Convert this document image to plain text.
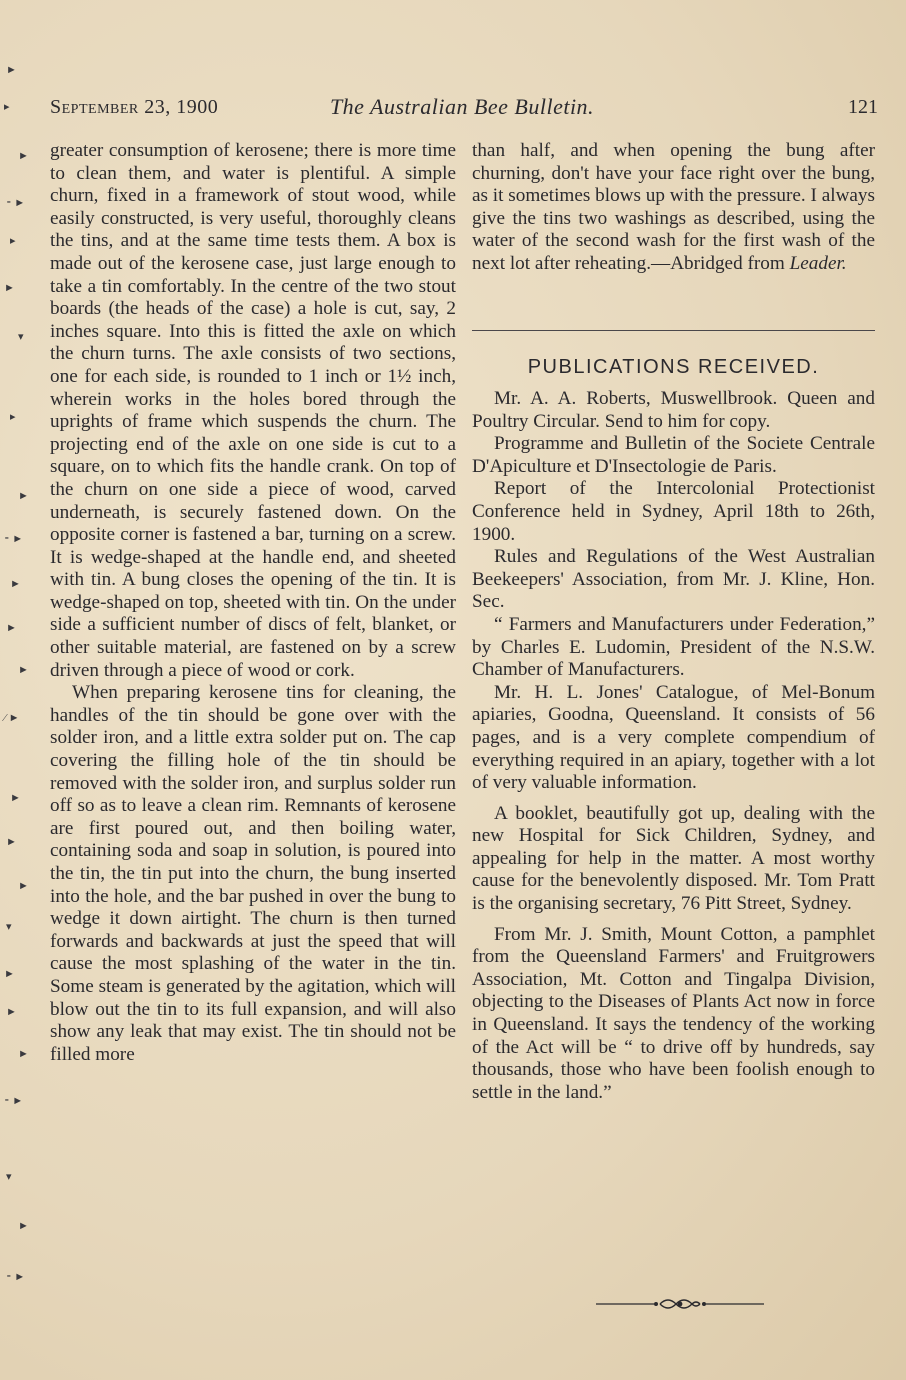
►
▸
►
⁃ ►
▸
►
▾
▸
►
⁃ ►
►
►
►
⁄ ►
►
►
►
▾
►
►
►
⁃ ►
▾
►
⁃ ►
September 23, 1900	The Australian Bee Bulletin.	121

greater consumption of kerosene; there is more time to clean them, and water is plentiful. A simple churn, fixed in a framework of stout wood, while easily constructed, is very useful, thoroughly cleans the tins, and at the same time tests them. A box is made out of the kerosene case, just large enough to take a tin comfortably. In the centre of the two stout boards (the heads of the case) a hole is cut, say, 2 inches square. Into this is fitted the axle on which the churn turns. The axle consists of two sections, one for each side, is rounded to 1 inch or 1½ inch, wherein works in the holes bored through the uprights of frame which suspends the churn. The projecting end of the axle on one side is cut to a square, on to which fits the handle crank. On top of the churn on one side a piece of wood, carved underneath, is securely fastened down. On the opposite corner is fastened a bar, turning on a screw. It is wedge-shaped at the handle end, and sheeted with tin. A bung closes the opening of the tin. It is wedge-shaped on top, sheeted with tin. On the under side a sufficient number of discs of felt, blanket, or other suitable material, are fastened on by a screw driven through a piece of wood or cork.

When preparing kerosene tins for cleaning, the handles of the tin should be gone over with the solder iron, and a little extra solder put on. The cap covering the filling hole of the tin should be removed with the solder iron, and surplus solder run off so as to leave a clean rim. Remnants of kerosene are first poured out, and then boiling water, containing soda and soap in solution, is poured into the tin, the tin put into the churn, the bung inserted into the hole, and the bar pushed in over the bung to wedge it down airtight. The churn is then turned forwards and backwards at just the speed that will cause the most splashing of the water in the tin. Some steam is generated by the agitation, which will blow out the tin to its full expansion, and will also show any leak that may exist. The tin should not be filled more

than half, and when opening the bung after churning, don't have your face right over the bung, as it sometimes blows up with the pressure. I always give the tins two washings as described, using the water of the second wash for the first wash of the next lot after reheating.—Abridged from Leader.

PUBLICATIONS RECEIVED.

Mr. A. A. Roberts, Muswellbrook. Queen and Poultry Circular. Send to him for copy.

Programme and Bulletin of the Societe Centrale D'Apiculture et D'Insectologie de Paris.

Report of the Intercolonial Protectionist Conference held in Sydney, April 18th to 26th, 1900.

Rules and Regulations of the West Australian Beekeepers' Association, from Mr. J. Kline, Hon. Sec.

“ Farmers and Manufacturers under Federation,” by Charles E. Ludomin, President of the N.S.W. Chamber of Manufacturers.

Mr. H. L. Jones' Catalogue, of Mel-Bonum apiaries, Goodna, Queensland. It consists of 56 pages, and is a very complete compendium of everything required in an apiary, together with a lot of very valuable information.

A booklet, beautifully got up, dealing with the new Hospital for Sick Children, Sydney, and appealing for help in the matter. A most worthy cause for the benevolently disposed. Mr. Tom Pratt is the organising secretary, 76 Pitt Street, Sydney.

From Mr. J. Smith, Mount Cotton, a pamphlet from the Queensland Farmers' and Fruitgrowers Association, Mt. Cotton and Tingalpa Division, objecting to the Diseases of Plants Act now in force in Queensland. It says the tendency of the working of the Act will be “ to drive off by hundreds, say thousands, those who have been foolish enough to settle in the land.”
